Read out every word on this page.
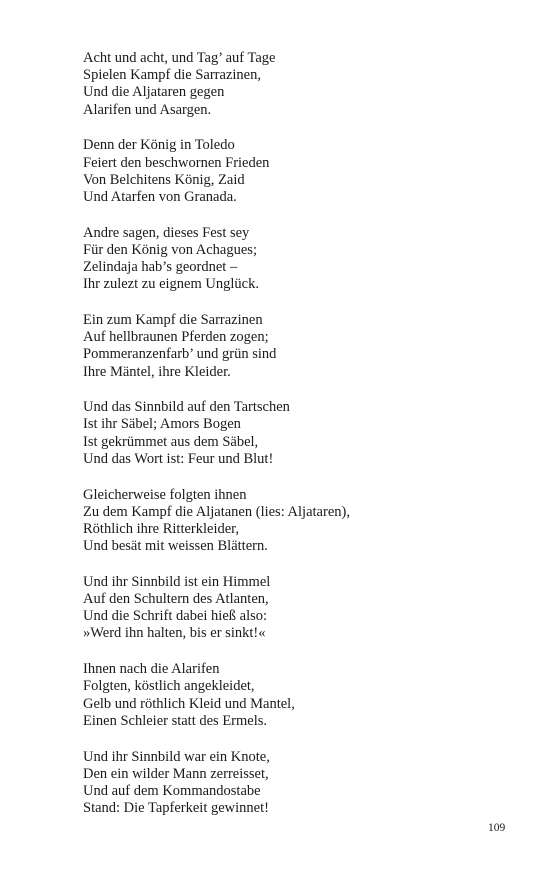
Acht und acht, und Tag’ auf Tage
Spielen Kampf die Sarrazinen,
Und die Aljataren gegen
Alarifen und Asargen.
Denn der König in Toledo
Feiert den beschwornen Frieden
Von Belchitens König, Zaid
Und Atarfen von Granada.
Andre sagen, dieses Fest sey
Für den König von Achagues;
Zelindaja hab’s geordnet –
Ihr zulezt zu eignem Unglück.
Ein zum Kampf die Sarrazinen
Auf hellbraunen Pferden zogen;
Pommeranzenfarb’ und grün sind
Ihre Mäntel, ihre Kleider.
Und das Sinnbild auf den Tartschen
Ist ihr Säbel; Amors Bogen
Ist gekrümmet aus dem Säbel,
Und das Wort ist: Feur und Blut!
Gleicherweise folgten ihnen
Zu dem Kampf die Aljatanen (lies: Aljataren),
Röthlich ihre Ritterkleider,
Und besät mit weissen Blättern.
Und ihr Sinnbild ist ein Himmel
Auf den Schultern des Atlanten,
Und die Schrift dabei hieß also:
»Werd ihn halten, bis er sinkt!«
Ihnen nach die Alarifen
Folgten, köstlich angekleidet,
Gelb und röthlich Kleid und Mantel,
Einen Schleier statt des Ermels.
Und ihr Sinnbild war ein Knote,
Den ein wilder Mann zerreisset,
Und auf dem Kommandostabe
Stand: Die Tapferkeit gewinnet!
109
